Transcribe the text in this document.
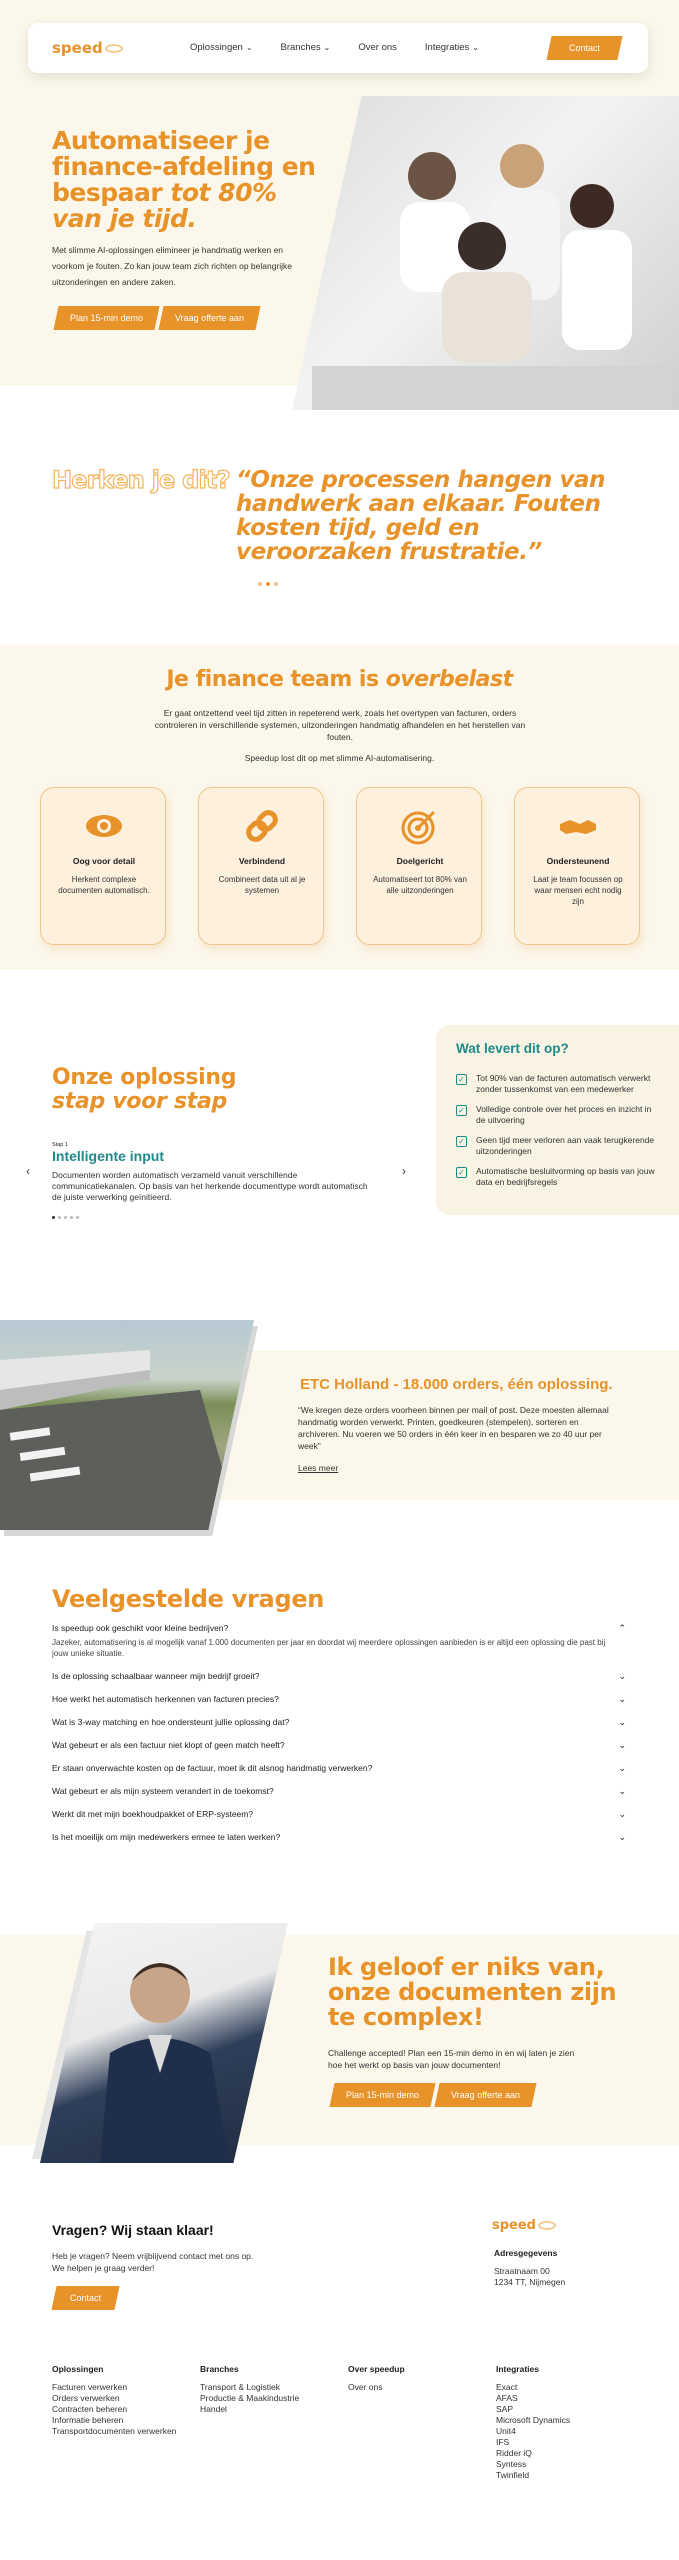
speed	Oplossingen ⌄	Branches ⌄	Over ons	Integraties ⌄	Contact
Automatiseer je finance-afdeling en bespaar tot 80% van je tijd.

Met slimme AI-oplossingen elimineer je handmatig werken en voorkom je fouten. Zo kan jouw team zich richten op belangrijke uitzonderingen en andere zaken.

Plan 15-min demo	Vraag offerte aan
Herken je dit? “Onze processen hangen van handwerk aan elkaar. Fouten kosten tijd, geld en veroorzaken frustratie.”
Je finance team is overbelast
Er gaat ontzettend veel tijd zitten in repeterend werk, zoals het overtypen van facturen, orders controleren in verschillende systemen, uitzonderingen handmatig afhandelen en het herstellen van fouten.
Speedup lost dit op met slimme AI-automatisering.
Oog voor detail
Herkent complexe documenten automatisch.
Verbindend
Combineert data uit al je systemen
Doelgericht
Automatiseert tot 80% van alle uitzonderingen
Ondersteunend
Laat je team focussen op waar mensen echt nodig zijn
Onze oplossing
stap voor stap
‹
Stap 1
Intelligente input
Documenten worden automatisch verzameld vanuit verschillende communicatiekanalen. Op basis van het herkende documenttype wordt automatisch de juiste verwerking geïnitieerd.
›
Wat levert dit op?
✓ Tot 90% van de facturen automatisch verwerkt zonder tussenkomst van een medewerker
✓ Volledige controle over het proces en inzicht in de uitvoering
✓ Geen tijd meer verloren aan vaak terugkerende uitzonderingen
✓ Automatische besluitvorming op basis van jouw data en bedrijfsregels
ETC Holland - 18.000 orders, één oplossing.

“We kregen deze orders voorheen binnen per mail of post. Deze moesten allemaal handmatig worden verwerkt. Printen, goedkeuren (stempelen), sorteren en archiveren. Nu voeren we 50 orders in één keer in en besparen we zo 40 uur per week”

Lees meer
Veelgestelde vragen
Is speedup ook geschikt voor kleine bedrijven?	⌃
Jazeker, automatisering is al mogelijk vanaf 1.000 documenten per jaar en doordat wij meerdere oplossingen aanbieden is er altijd een oplossing die past bij jouw unieke situatie.
Is de oplossing schaalbaar wanneer mijn bedrijf groeit?	⌄
Hoe werkt het automatisch herkennen van facturen precies?	⌄
Wat is 3-way matching en hoe ondersteunt jullie oplossing dat?	⌄
Wat gebeurt er als een factuur niet klopt of geen match heeft?	⌄
Er staan onverwachte kosten op de factuur, moet ik dit alsnog handmatig verwerken?	⌄
Wat gebeurt er als mijn systeem verandert in de toekomst?	⌄
Werkt dit met mijn boekhoudpakket of ERP-systeem?	⌄
Is het moeilijk om mijn medewerkers ermee te laten werken?	⌄
Ik geloof er niks van, onze documenten zijn te complex!

Challenge accepted! Plan een 15-min demo in en wij laten je zien hoe het werkt op basis van jouw documenten!

Plan 15-min demo	Vraag offerte aan
Vragen? Wij staan klaar!
Heb je vragen? Neem vrijblijvend contact met ons op. We helpen je graag verder!
Contact
speed
Adresgegevens
Straatnaam 00
1234 TT, Nijmegen
Oplossingen
Facturen verwerken
Orders verwerken
Contracten beheren
Informatie beheren
Transportdocumenten verwerken
Branches
Transport & Logistiek
Productie & Maakindustrie
Handel
Over speedup
Over ons
Integraties
Exact
AFAS
SAP
Microsoft Dynamics
Unit4
IFS
Ridder iQ
Syntess
Twinfield
